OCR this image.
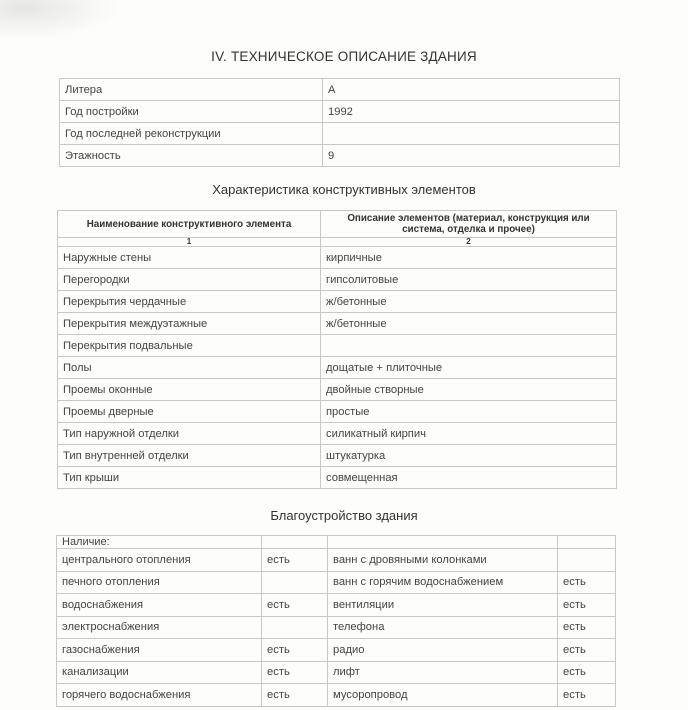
IV. ТЕХНИЧЕСКОЕ ОПИСАНИЕ ЗДАНИЯ
Литера	А
Год постройки	1992
Год последней реконструкции	
Этажность	9
Характеристика конструктивных элементов
Наименование конструктивного элемента	Описание элементов (материал, конструкция или система, отделка и прочее)
1	2
Наружные стены	кирпичные
Перегородки	гипсолитовые
Перекрытия чердачные	ж/бетонные
Перекрытия междуэтажные	ж/бетонные
Перекрытия подвальные	
Полы	дощатые + плиточные
Проемы оконные	двойные створные
Проемы дверные	простые
Тип наружной отделки	силикатный кирпич
Тип внутренней отделки	штукатурка
Тип крыши	совмещенная
Благоустройство здания
Наличие:			
центрального отопления	есть	ванн с дровяными колонками	
печного отопления		ванн с горячим водоснабжением	есть
водоснабжения	есть	вентиляции	есть
электроснабжения		телефона	есть
газоснабжения	есть	радио	есть
канализации	есть	лифт	есть
горячего водоснабжения	есть	мусоропровод	есть
